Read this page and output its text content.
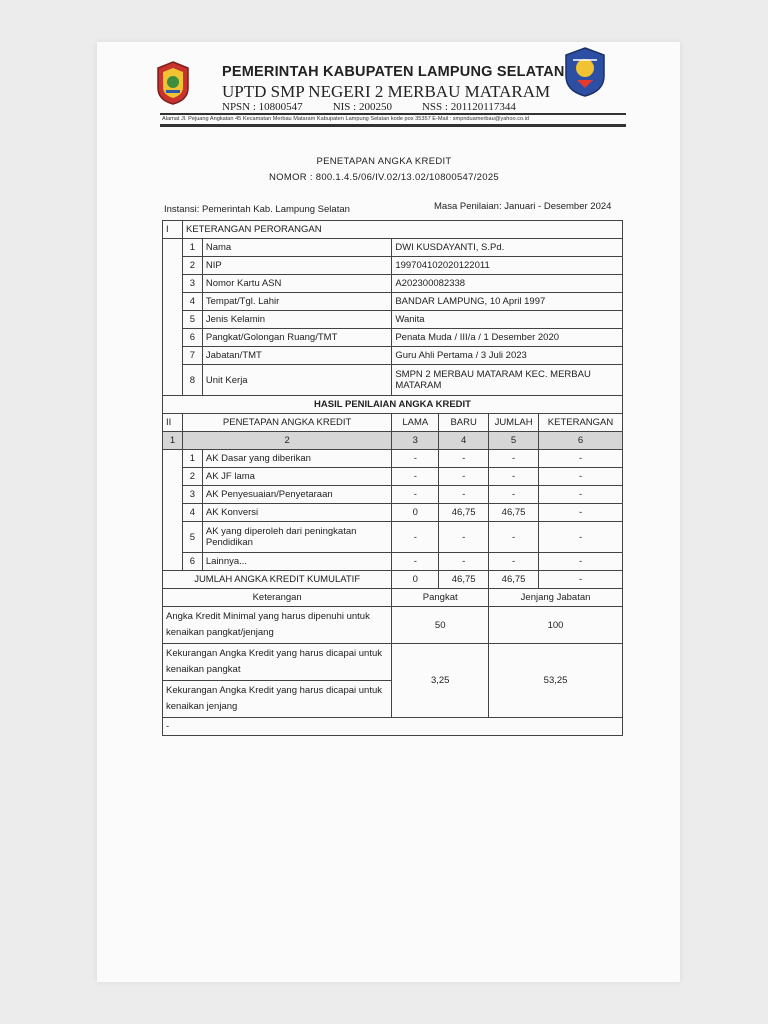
PEMERINTAH KABUPATEN LAMPUNG SELATAN
UPTD SMP NEGERI 2 MERBAU MATARAM
NPSN : 10800547	NIS : 200250	NSS : 201120117344
Alamat Jl. Pejuang Angkatan 45 Kecamatan Merbau Mataram Kabupaten Lampung Selatan kode pos 35357 E-Mail : smpnduamerbau@yahoo.co.id
PENETAPAN ANGKA KREDIT
NOMOR : 800.1.4.5/06/IV.02/13.02/10800547/2025
Instansi: Pemerintah Kab. Lampung Selatan	Masa Penilaian: Januari - Desember 2024
I	KETERANGAN PERORANGAN					
	1	Nama	DWI KUSDAYANTI, S.Pd.			
	2	NIP	199704102020122011			
	3	Nomor Kartu ASN	A202300082338			
	4	Tempat/Tgl. Lahir	BANDAR LAMPUNG, 10 April 1997			
	5	Jenis Kelamin	Wanita			
	6	Pangkat/Golongan Ruang/TMT	Penata Muda / III/a / 1 Desember 2020			
	7	Jabatan/TMT	Guru Ahli Pertama / 3 Juli 2023			
	8	Unit Kerja	SMPN 2 MERBAU MATARAM KEC. MERBAU MATARAM			
HASIL PENILAIAN ANGKA KREDIT						
II	PENETAPAN ANGKA KREDIT		LAMA	BARU	JUMLAH	KETERANGAN
1	2		3	4	5	6
	1	AK Dasar yang diberikan	-	-	-	-
	2	AK JF lama	-	-	-	-
	3	AK Penyesuaian/Penyetaraan	-	-	-	-
	4	AK Konversi	0	46,75	46,75	-
	5	AK yang diperoleh dari peningkatan Pendidikan	-	-	-	-
	6	Lainnya...	-	-	-	-
JUMLAH ANGKA KREDIT KUMULATIF			0	46,75	46,75	-
Keterangan			Pangkat		Jenjang Jabatan	
Angka Kredit Minimal yang harus dipenuhi untuk kenaikan pangkat/jenjang			50		100	
Kekurangan Angka Kredit yang harus dicapai untuk kenaikan pangkat			3,25		53,25	
Kekurangan Angka Kredit yang harus dicapai untuk kenaikan jenjang						
-						
